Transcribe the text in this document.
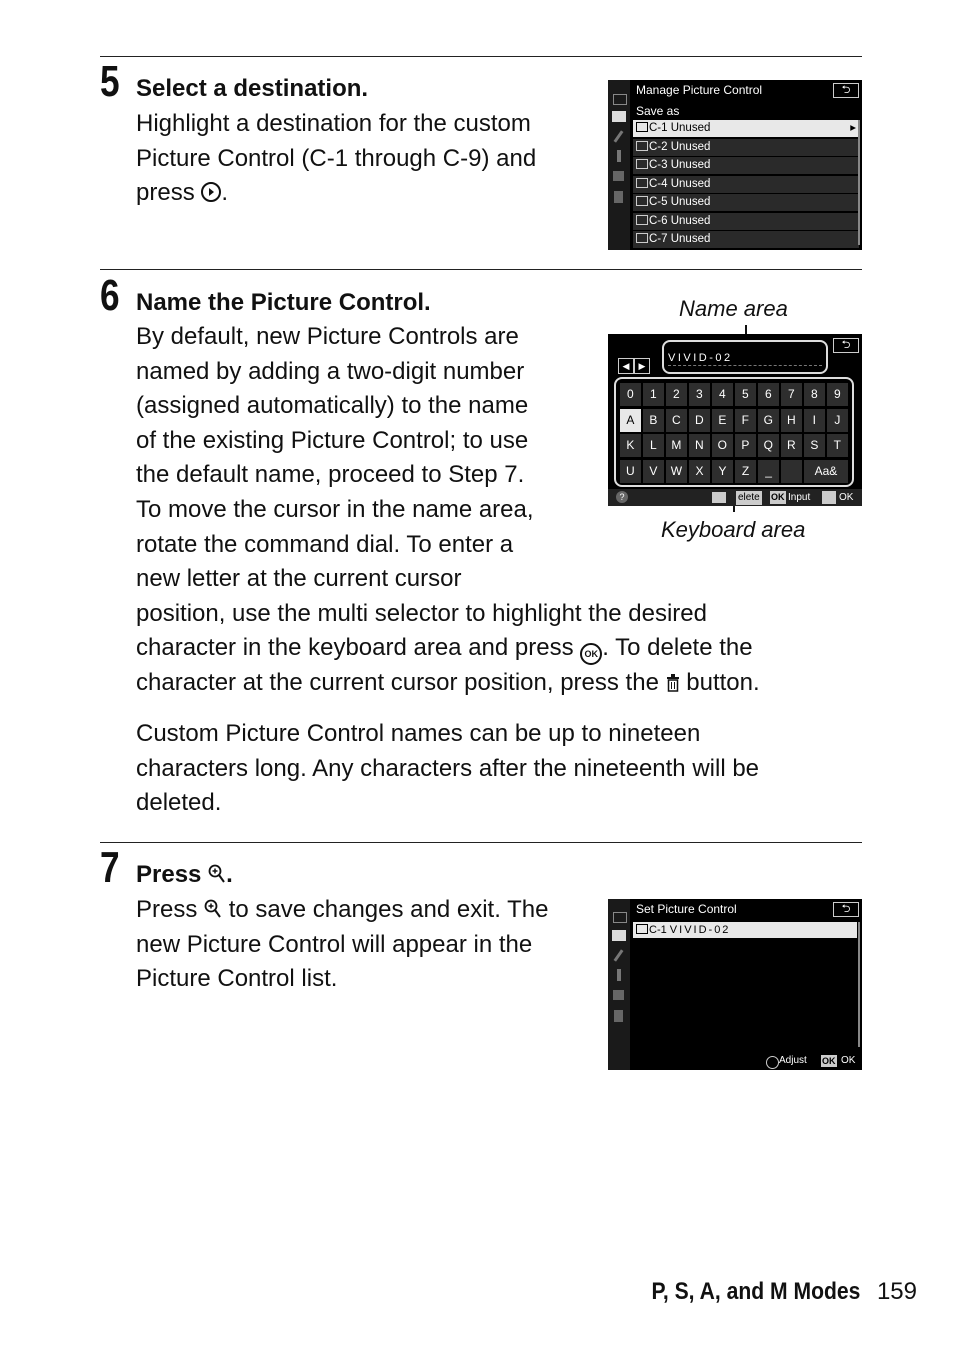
5 Select a destination.
Highlight a destination for the custom
Picture Control (C-1 through C-9) and
press .
Manage Picture Control	⮌
Save as
C-1 Unused	▸
C-2 Unused
C-3 Unused
C-4 Unused
C-5 Unused
C-6 Unused
C-7 Unused
6 Name the Picture Control.
By default, new Picture Controls are
named by adding a two-digit number
(assigned automatically) to the name
of the existing Picture Control; to use
the default name, proceed to Step 7.
To move the cursor in the name area,
rotate the command dial. To enter a
new letter at the current cursor
position, use the multi selector to highlight the desired
character in the keyboard area and press OK . To delete the
character at the current cursor position, press the button.
Custom Picture Control names can be up to nineteen
characters long. Any characters after the nineteenth will be
deleted.
Name area
Keyboard area
⮌
◀	▶
VIVID-02
0	1	2	3	4	5	6	7	8	9
A	B	C	D	E	F	G	H	I	J
K	L	M	N	O	P	Q	R	S	T
U	V	W	X	Y	Z	_	Aa&
?	elete OK Input	OK
7 Press .
Press to save changes and exit. The
new Picture Control will appear in the
Picture Control list.
Set Picture Control	⮌
C-1 VIVID-02
Adjust OK OK
P, S, A, and M Modes 159
